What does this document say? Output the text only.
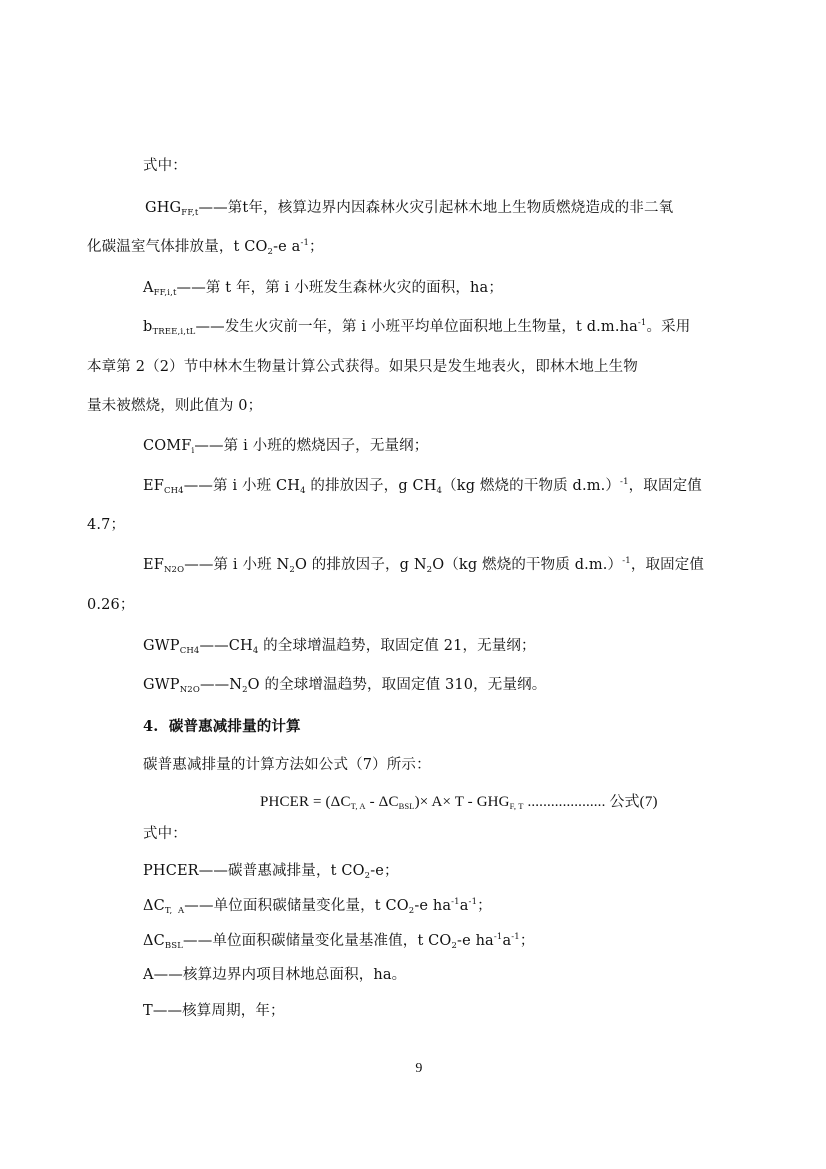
式中：
$GHG_{FF,t}——$第t年，核算边界内因森林火灾引起林木地上生物质燃烧造成的非二氧
化碳温室气体排放量，t $CO_2-e$ $a^{-1}$；
$A_{FF,i,t}——$第 t 年，第 i 小班发生森林火灾的面积，ha；
$b_{TREE,i,tL}——$发生火灾前一年，第 i 小班平均单位面积地上生物量，t $d.m.ha^{-1}$。采用
本章第 2（2）节中林木生物量计算公式获得。如果只是发生地表火，即林木地上生物
量未被燃烧，则此值为 0；
$COMF_i——$第 i 小班的燃烧因子，无量纲；
$EF_{CH4}——$第 i 小班 $CH_4$ 的排放因子，g $CH_4(kg$ 燃烧的干物质 d.m.）$^{-1}$，取固定值
4.7；
$EF_{N2O}——$第 i 小班 $N_2O$ 的排放因子，g $N_2O(kg$ 燃烧的干物质 d.m.）$^{-1}$，取固定值
0.26；
$GWP_{CH4}——CH_4$ 的全球增温趋势，取固定值 21，无量纲；
$GWP_{N2O}——N_2O$ 的全球增温趋势，取固定值 310，无量纲。
4.  碳普惠减排量的计算
碳普惠减排量的计算方法如公式（7）所示：
PHCER = $(\Delta C_{T, A} - \Delta C_{BSL})\times A\times T - GHG_{F, T}$ .................... 公式(7)
式中：
PHCER——碳普惠减排量，t $CO_2-e$；
$\Delta C_{T, A}——$单位面积碳储量变化量，t $CO_2-e$ $ha^{-1}a^{-1}$；
$\Delta C_{BSL}——$单位面积碳储量变化量基准值，t $CO_2-e$ $ha^{-1}a^{-1}$；
A——核算边界内项目林地总面积，ha。
T——核算周期，年；
9
